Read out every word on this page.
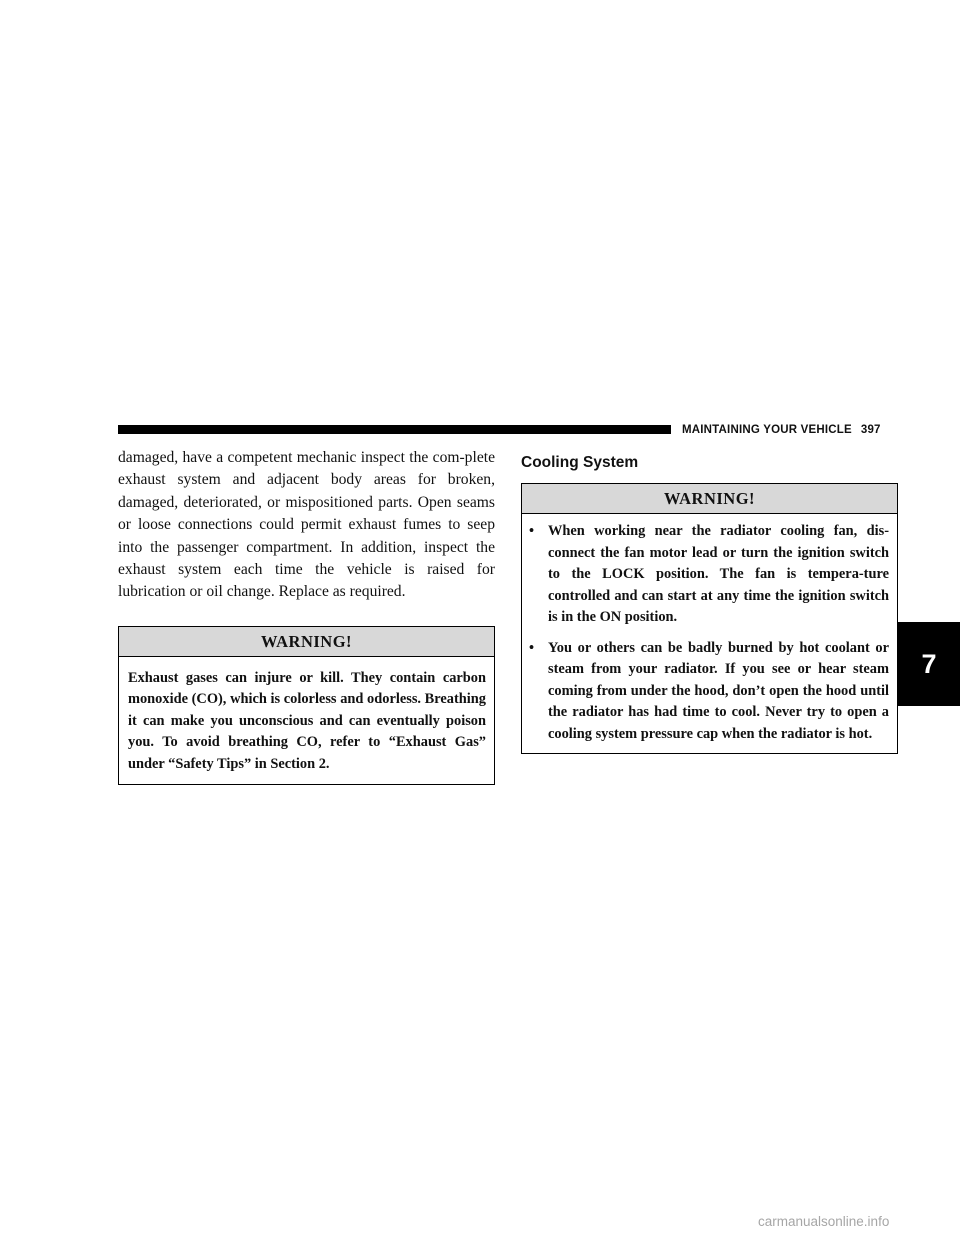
MAINTAINING YOUR VEHICLE 397

damaged, have a competent mechanic inspect the com-plete exhaust system and adjacent body areas for broken, damaged, deteriorated, or mispositioned parts. Open seams or loose connections could permit exhaust fumes to seep into the passenger compartment. In addition, inspect the exhaust system each time the vehicle is raised for lubrication or oil change. Replace as required.

WARNING!

Exhaust gases can injure or kill. They contain carbon monoxide (CO), which is colorless and odorless. Breathing it can make you unconscious and can eventually poison you. To avoid breathing CO, refer to “Exhaust Gas” under “Safety Tips” in Section 2.

Cooling System
WARNING!
• When working near the radiator cooling fan, dis-connect the fan motor lead or turn the ignition switch to the LOCK position. The fan is tempera-ture controlled and can start at any time the ignition switch is in the ON position.
• You or others can be badly burned by hot coolant or steam from your radiator. If you see or hear steam coming from under the hood, don’t open the hood until the radiator has had time to cool. Never try to open a cooling system pressure cap when the radiator is hot.
7
carmanualsonline.info
